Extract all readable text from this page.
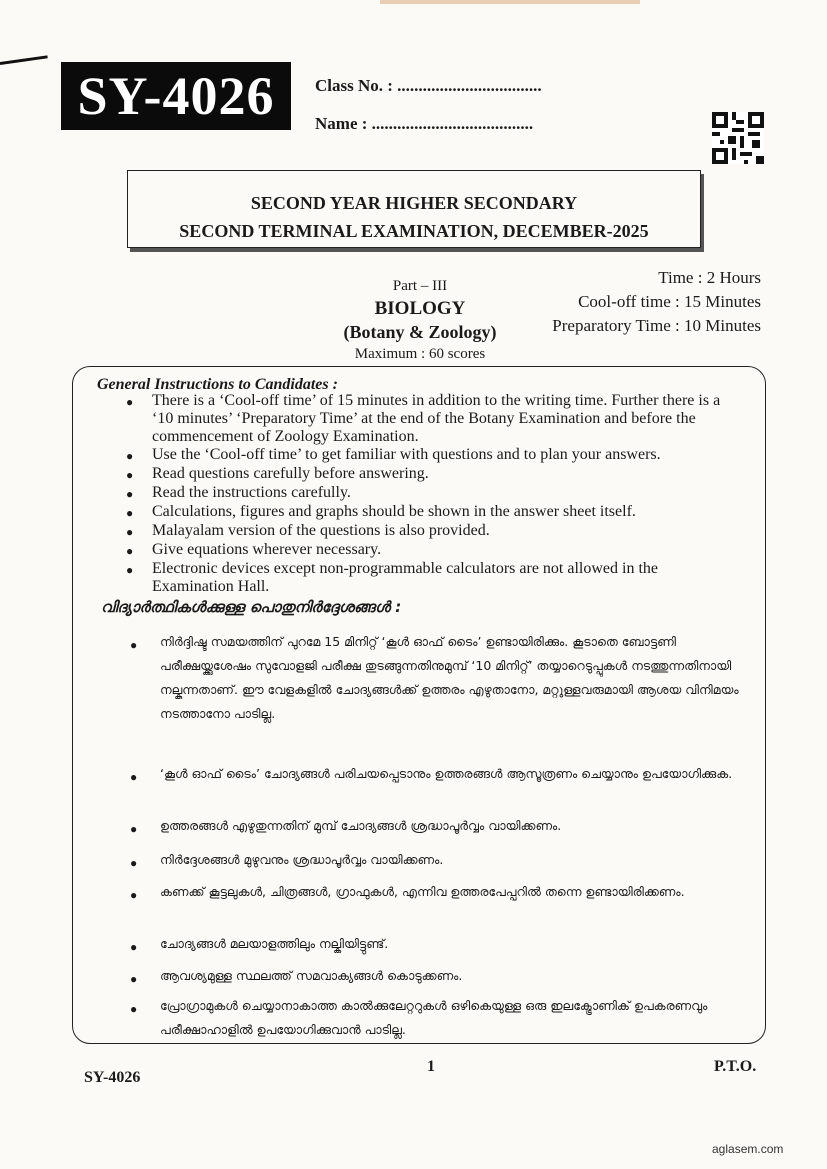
SY-4026	Class No. : ..................................
Name : ......................................
SECOND YEAR HIGHER SECONDARY
SECOND TERMINAL EXAMINATION, DECEMBER-2025
Part – III
BIOLOGY
(Botany & Zoology)
Maximum : 60 scores
Time : 2 Hours
Cool-off time : 15 Minutes
Preparatory Time : 10 Minutes
General Instructions to Candidates :
● There is a ‘Cool-off time’ of 15 minutes in addition to the writing time. Further there is a ‘10 minutes’ ‘Preparatory Time’ at the end of the Botany Examination and before the commencement of Zoology Examination.
● Use the ‘Cool-off time’ to get familiar with questions and to plan your answers.
● Read questions carefully before answering.
● Read the instructions carefully.
● Calculations, figures and graphs should be shown in the answer sheet itself.
● Malayalam version of the questions is also provided.
● Give equations wherever necessary.
● Electronic devices except non-programmable calculators are not allowed in the Examination Hall.
വിദ്യാർത്ഥികൾക്കുള്ള പൊതുനിർദ്ദേശങ്ങൾ :
● നിർദ്ദിഷ്ട സമയത്തിന് പുറമേ 15 മിനിറ്റ് ‘കൂൾ ഓഫ് ടൈം’ ഉണ്ടായിരിക്കും. കൂടാതെ ബോട്ടണി പരീക്ഷയ്ക്കുശേഷം സുവോളജി പരീക്ഷ തുടങ്ങുന്നതിനുമുമ്പ് ‘10 മിനിറ്റ്’ തയ്യാറെടുപ്പുകൾ നടത്തുന്നതിനായി നല്കുന്നതാണ്. ഈ വേളകളിൽ ചോദ്യങ്ങൾക്ക് ഉത്തരം എഴുതാനോ, മറ്റുള്ളവരുമായി ആശയ വിനിമയം നടത്താനോ പാടില്ല.
● ‘കൂൾ ഓഫ് ടൈം’ ചോദ്യങ്ങൾ പരിചയപ്പെടാനും ഉത്തരങ്ങൾ ആസൂത്രണം ചെയ്യാനും ഉപയോഗിക്കുക.
● ഉത്തരങ്ങൾ എഴുതുന്നതിന് മുമ്പ് ചോദ്യങ്ങൾ ശ്രദ്ധാപൂർവ്വം വായിക്കണം.
● നിർദ്ദേശങ്ങൾ മുഴുവനും ശ്രദ്ധാപൂർവ്വം വായിക്കണം.
● കണക്ക് കൂട്ടലുകൾ, ചിത്രങ്ങൾ, ഗ്രാഫുകൾ, എന്നിവ ഉത്തരപേപ്പറിൽ തന്നെ ഉണ്ടായിരിക്കണം.
● ചോദ്യങ്ങൾ മലയാളത്തിലും നല്കിയിട്ടുണ്ട്.
● ആവശ്യമുള്ള സ്ഥലത്ത് സമവാക്യങ്ങൾ കൊടുക്കണം.
● പ്രോഗ്രാമുകൾ ചെയ്യാനാകാത്ത കാൽക്കുലേറ്ററുകൾ ഒഴികെയുള്ള ഒരു ഇലക്ട്രോണിക് ഉപകരണവും പരീക്ഷാഹാളിൽ ഉപയോഗിക്കുവാൻ പാടില്ല.
SY-4026
1	P.T.O.
aglasem.com
